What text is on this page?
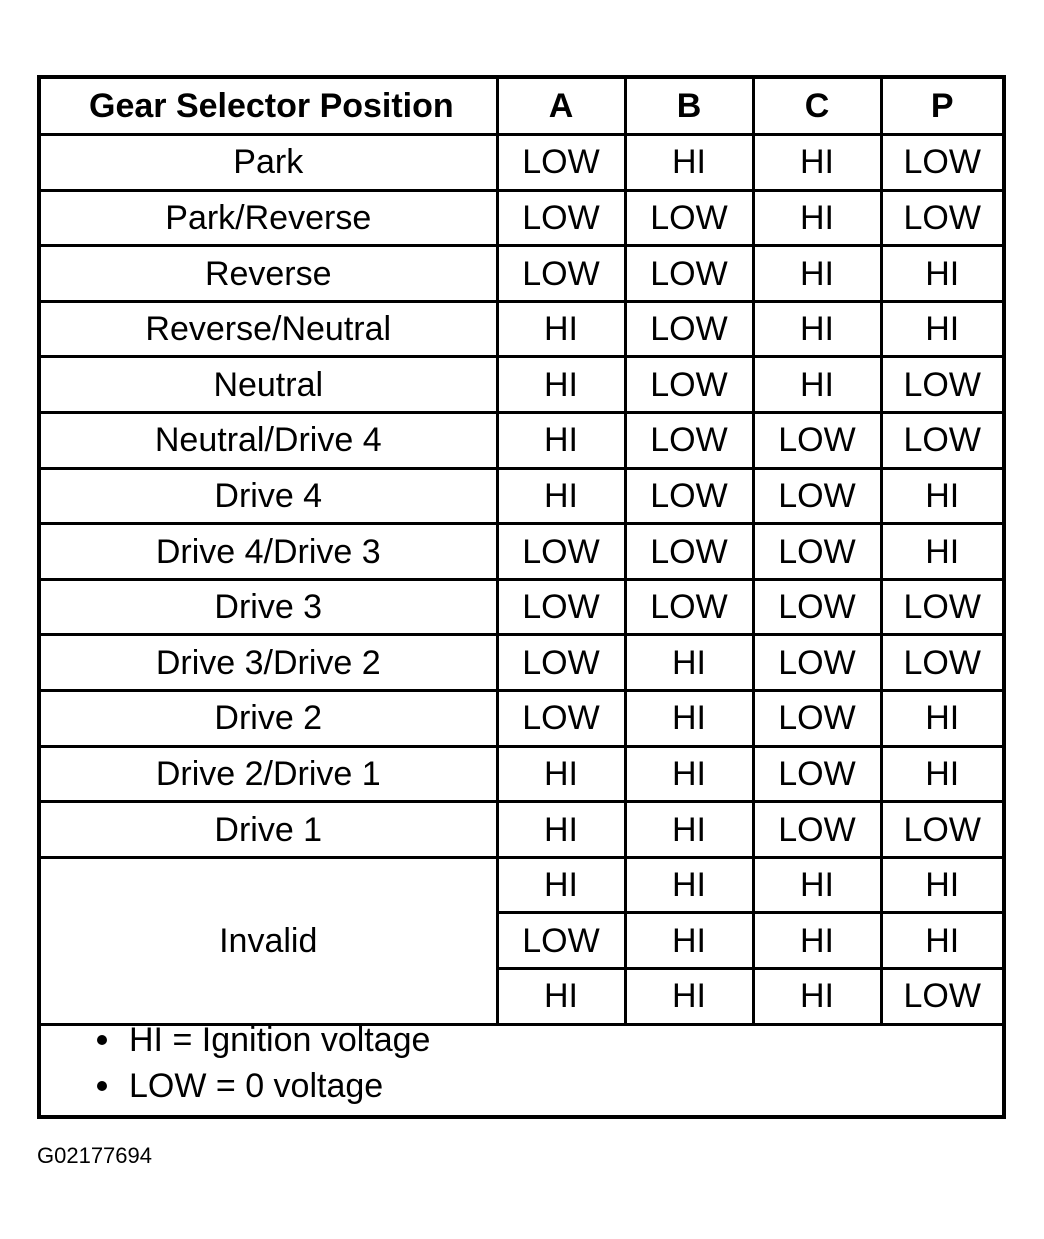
Gear Selector Position	A	B	C	P
Park	LOW	HI	HI	LOW
Park/Reverse	LOW	LOW	HI	LOW
Reverse	LOW	LOW	HI	HI
Reverse/Neutral	HI	LOW	HI	HI
Neutral	HI	LOW	HI	LOW
Neutral/Drive 4	HI	LOW	LOW	LOW
Drive 4	HI	LOW	LOW	HI
Drive 4/Drive 3	LOW	LOW	LOW	HI
Drive 3	LOW	LOW	LOW	LOW
Drive 3/Drive 2	LOW	HI	LOW	LOW
Drive 2	LOW	HI	LOW	HI
Drive 2/Drive 1	HI	HI	LOW	HI
Drive 1	HI	HI	LOW	LOW
Invalid	HI	HI	HI	HI
	LOW	HI	HI	HI
	HI	HI	HI	LOW
HI = Ignition voltage
LOW = 0 voltage
G02177694
